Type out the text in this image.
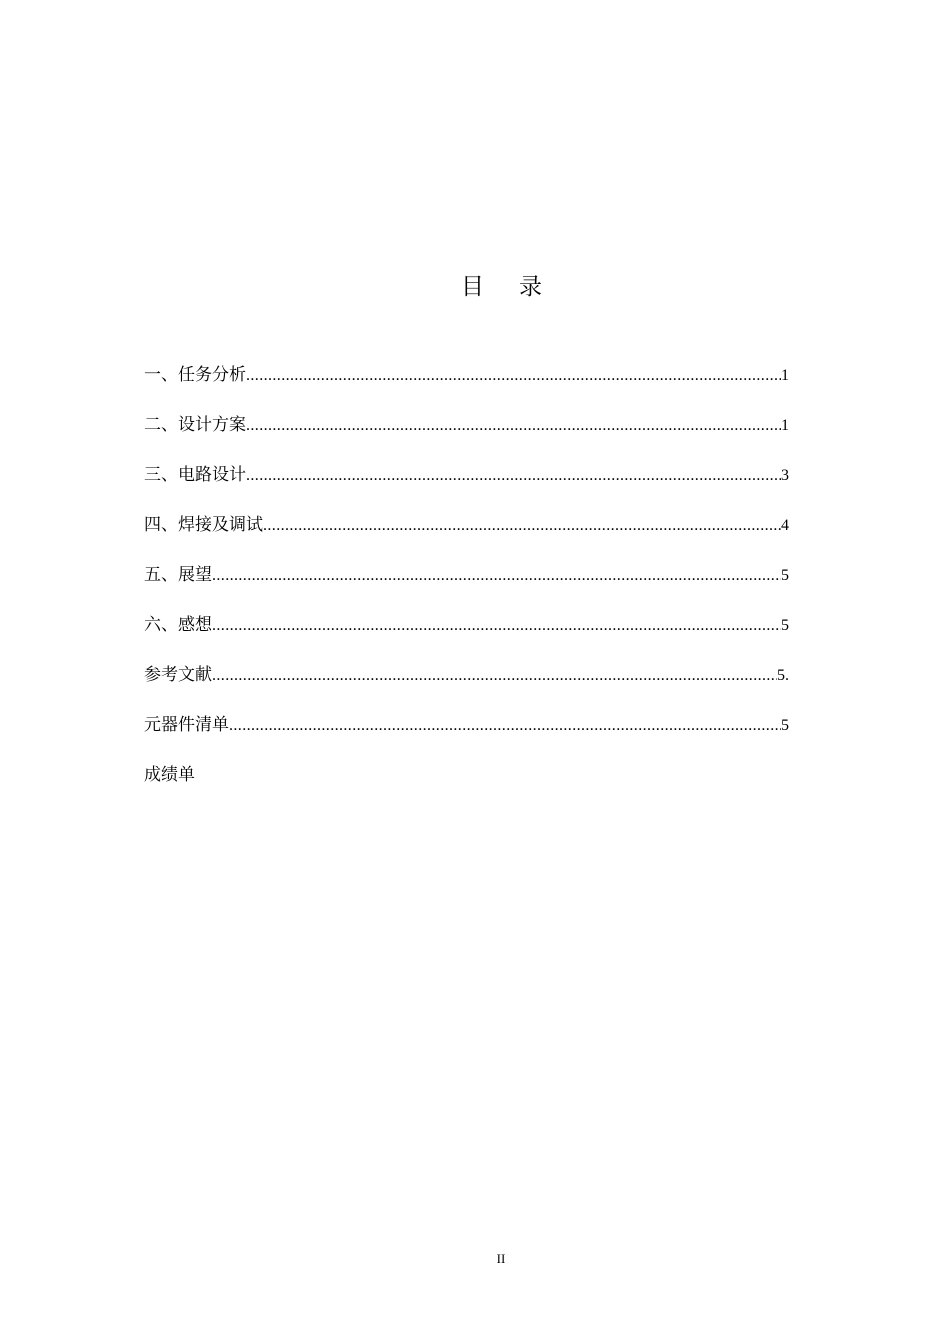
目录
一、任务分析 .....	1
二、设计方案 .....	1
三、电路设计 .....	3
四、焊接及调试 .....	4
五、展望 .....	5
六、感想 .....	5
参考文献 .....	5.
元器件清单 .....	5
成绩单
II
